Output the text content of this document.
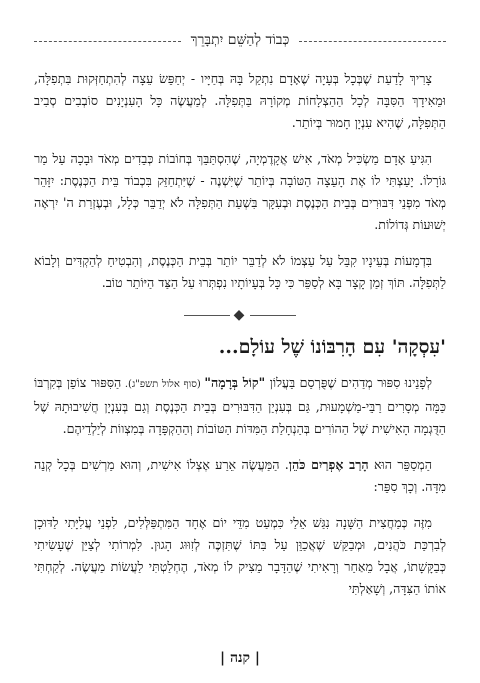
כְּבוֹד לְהַשֵּׁם יִתְבָּרֵךְ

צָרִיךְ לָדַעַת שֶׁבְּכָל בְּעָיָה שֶׁאָדָם נִתְקַל בָּהּ בְּחַיָּיו - יְחַפֵּשׂ עֵצָה לְהִתְחַזְּקוּת בִּתְפִלָּה, וּמֵאִידָךְ הַסִּבָּה לְכָל הַהַצְלָחוֹת מְקוֹרָהּ בַּתְּפִלָּה. לְמַעֲשֶׂה כָּל הָעִנְיָנִים סוֹבְבִים סְבִיב הַתְּפִלָּה, שֶׁהִיא עִנְיָן חָמוּר בְּיוֹתֵר.

הִגִּיעַ אָדָם מַשְׂכִּיל מְאֹד, אִישׁ אֲקָדֶמְיָה, שֶׁהִסְתַּבֵּךְ בְּחוֹבוֹת כְּבֵדִים מְאֹד וּבָכָה עַל מַר גּוֹרָלוֹ. יָעַצְתִּי לוֹ אֶת הָעֵצָה הַטּוֹבָה בְּיוֹתֵר שֶׁיִּשְׁנֶה - שֶׁיִּתְחַזֵּק בִּכְבוֹד בֵּית הַכְּנֶסֶת: יִזָּהֵר מְאֹד מִפְּנֵי דִּבּוּרִים בְּבֵית הַכְּנֶסֶת וּבְעִקָּר בִּשְׁעַת הַתְּפִלָּה לֹא יְדַבֵּר כְּלָל, וּבְעֶזְרַת ה' יִרְאֶה יְשׁוּעוֹת גְּדוֹלוֹת.

בִּדְמָעוֹת בְּעֵינָיו קִבֵּל עַל עַצְמוֹ לֹא לְדַבֵּר יוֹתֵר בְּבֵית הַכְּנֶסֶת, וְהִבְטִיחַ לְהַקְדִּים וְלָבוֹא לַתְּפִלָּה. תּוֹךְ זְמַן קָצָר בָּא לְסַפֵּר כִּי כָּל בְּעָיוֹתָיו נִפְתְּרוּ עַל הַצַּד הַיּוֹתֵר טוֹב.

◆
'עִסְקָה' עִם הָרִבּוֹנוֹ שֶׁל עוֹלָם...

לְפָנֵינוּ סִפּוּר מְדַהִים שֶׁפֻּרְסַם בַּעֲלוֹן "קוֹל בְּרָמָה" (סוף אלול תשפ"ג). הַסִּפּוּר צוֹפֵן בְּקִרְבּוֹ כַּמָּה מְסָרִים רַבֵּי-מַשְׁמָעוּת, גַּם בְּעִנְיַן הַדִּבּוּרִים בְּבֵית הַכְּנֶסֶת וְגַם בְּעִנְיָן חֲשִׁיבוּתָהּ שֶׁל הַדֻּגְמָה הָאִישִׁית שֶׁל הַהוֹרִים בְּהַנְחָלַת הַמִּדּוֹת הַטּוֹבוֹת וְהַהַקְפָּדָה בְּמִצְווֹת לְיַלְדֵיהֶם.

הַמְסַפֵּר הוּא הָרַב אֶפְרַיִם כֹּהֵן. הַמַּעֲשֶׂה אֵרַע אֶצְלוֹ אִישִׁית, וְהוּא מַרְשִׁים בְּכָל קְנֵה מִדָּה. וְכָךְ סִפֵּר:

מִזֶּה כְּמַחֲצִית הַשָּׁנָה נִגַּשׁ אֵלַי כִּמְעַט מִדֵּי יוֹם אֶחָד הַמִּתְפַּלְּלִים, לִפְנֵי עֲלִיָּתִי לַדּוּכָן לְבִרְכַּת כֹּהֲנִים, וּמְבַקֵּשׁ שֶׁאֲכַוֵּן עַל בִּתּוֹ שֶׁתִּזְכֶּה לְזִוּוּג הָגוּן. לִמְרוֹתִי לְצַיֵּן שֶׁעָשִׂיתִי כְּבַקָּשָׁתוֹ, אֲבָל מֵאַחַר וְרָאִיתִי שֶׁהַדָּבָר מֵצִיק לוֹ מְאֹד, הֶחְלַטְתִּי לַעֲשׂוֹת מַעֲשֶׂה. לְקַחְתִּי אוֹתוֹ הַצִּדָּה, וְשָׁאַלְתִּי

| קנה |
